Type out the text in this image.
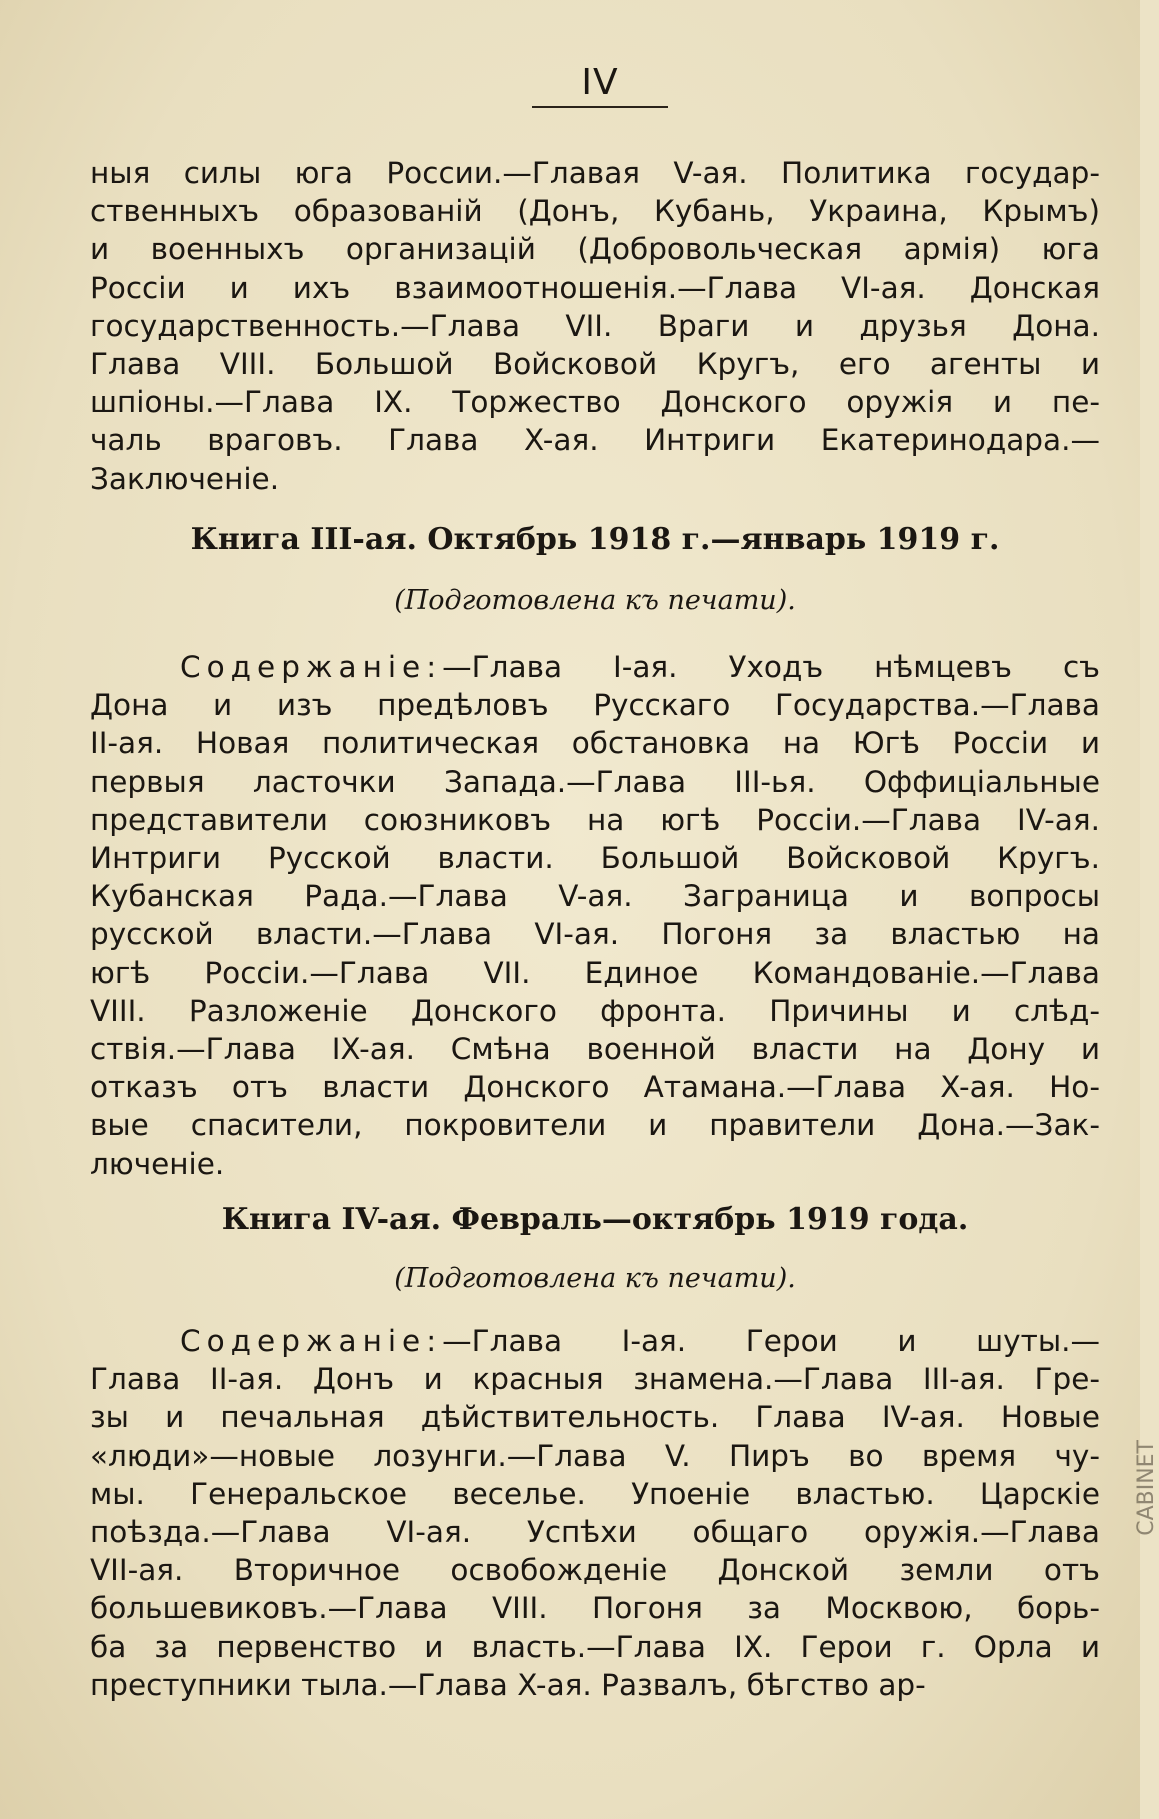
IV
ныя силы юга России.—Главая V-ая. Политика государ-
ственныхъ образованій (Донъ, Кубань, Украина, Крымъ)
и военныхъ организацій (Добровольческая армія) юга
Россіи и ихъ взаимоотношенія.—Глава VI-ая. Донская
государственность.—Глава VII. Враги и друзья Дона.
Глава VIII. Большой Войсковой Кругъ, его агенты и
шпіоны.—Глава IX. Торжество Донского оружія и пе-
чаль враговъ. Глава X-ая. Интриги Екатеринодара.—
Заключеніе.
Книга III-ая. Октябрь 1918 г.—январь 1919 г.
(Подготовлена къ печати).
Содержаніе:—Глава I-ая. Уходъ нѣмцевъ съ
Дона и изъ предѣловъ Русскаго Государства.—Глава
II-ая. Новая политическая обстановка на Югѣ Россіи и
первыя ласточки Запада.—Глава III-ья. Оффиціальные
представители союзниковъ на югѣ Россіи.—Глава IV-ая.
Интриги Русской власти. Большой Войсковой Кругъ.
Кубанская Рада.—Глава V-ая. Заграница и вопросы
русской власти.—Глава VI-ая. Погоня за властью на
югѣ Россіи.—Глава VII. Единое Командованіе.—Глава
VIII. Разложеніе Донского фронта. Причины и слѣд-
ствія.—Глава IX-ая. Смѣна военной власти на Дону и
отказъ отъ власти Донского Атамана.—Глава X-ая. Но-
вые спасители, покровители и правители Дона.—Зак-
люченіе.
Книга IV-ая. Февраль—октябрь 1919 года.
(Подготовлена къ печати).
Содержаніе:—Глава I-ая. Герои и шуты.—
Глава II-ая. Донъ и красныя знамена.—Глава III-ая. Гре-
зы и печальная дѣйствительность. Глава IV-ая. Новые
«люди»—новые лозунги.—Глава V. Пиръ во время чу-
мы. Генеральское веселье. Упоеніе властью. Царскіе
поѣзда.—Глава VI-ая. Успѣхи общаго оружія.—Глава
VII-ая. Вторичное освобожденіе Донской земли отъ
большевиковъ.—Глава VIII. Погоня за Москвою, борь-
ба за первенство и власть.—Глава IX. Герои г. Орла и
преступники тыла.—Глава X-ая. Развалъ, бѣгство ар-
CABINET
